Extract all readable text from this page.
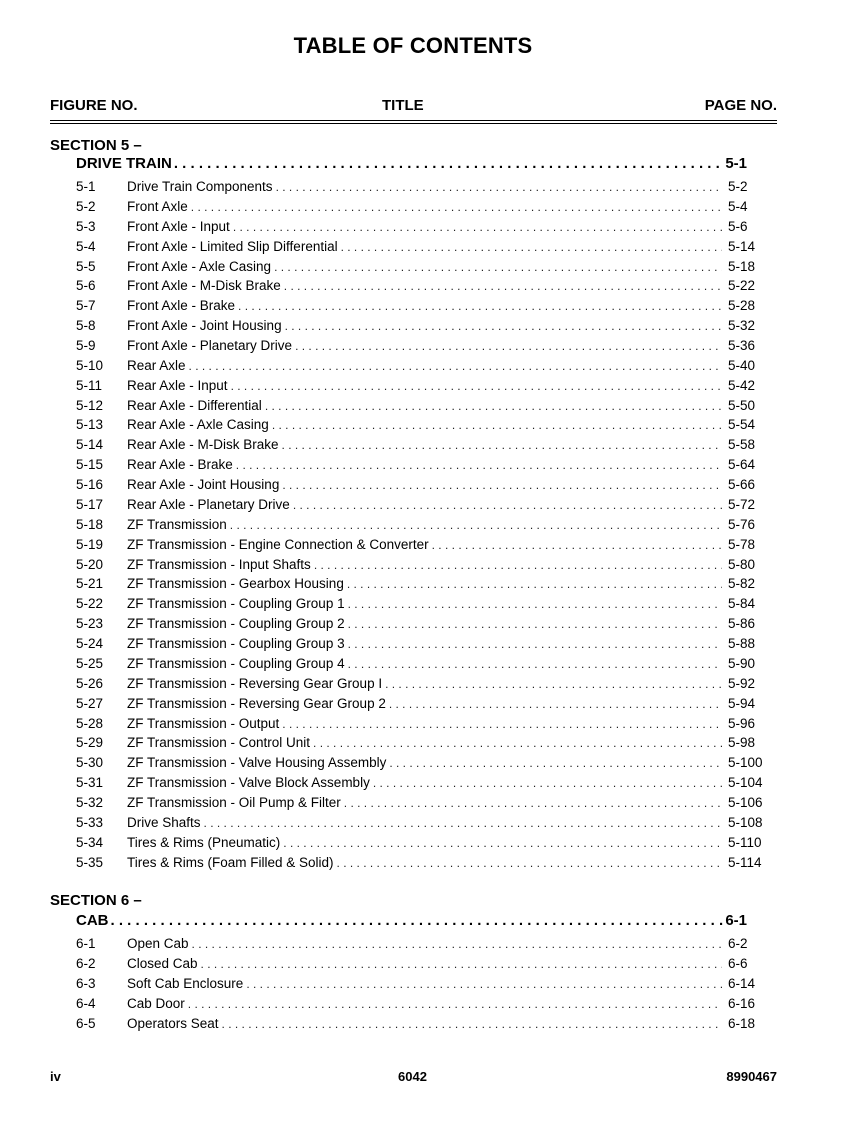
TABLE OF CONTENTS
FIGURE NO.	TITLE	PAGE NO.
SECTION 5 –
DRIVE TRAIN . . .	5-1
5-1 Drive Train Components . . .	5-2
5-2 Front Axle . . .	5-4
5-3 Front Axle - Input . . .	5-6
5-4 Front Axle - Limited Slip Differential . . .	5-14
5-5 Front Axle - Axle Casing . . .	5-18
5-6 Front Axle - M-Disk Brake . . .	5-22
5-7 Front Axle - Brake . . .	5-28
5-8 Front Axle - Joint Housing . . .	5-32
5-9 Front Axle - Planetary Drive . . .	5-36
5-10 Rear Axle . . .	5-40
5-11 Rear Axle - Input . . .	5-42
5-12 Rear Axle - Differential . . .	5-50
5-13 Rear Axle - Axle Casing . . .	5-54
5-14 Rear Axle - M-Disk Brake . . .	5-58
5-15 Rear Axle - Brake . . .	5-64
5-16 Rear Axle - Joint Housing . . .	5-66
5-17 Rear Axle - Planetary Drive . . .	5-72
5-18 ZF Transmission . . .	5-76
5-19 ZF Transmission - Engine Connection & Converter . . .	5-78
5-20 ZF Transmission - Input Shafts . . .	5-80
5-21 ZF Transmission - Gearbox Housing . . .	5-82
5-22 ZF Transmission - Coupling Group 1 . . .	5-84
5-23 ZF Transmission - Coupling Group 2 . . .	5-86
5-24 ZF Transmission - Coupling Group 3 . . .	5-88
5-25 ZF Transmission - Coupling Group 4 . . .	5-90
5-26 ZF Transmission - Reversing Gear Group I . . .	5-92
5-27 ZF Transmission - Reversing Gear Group 2 . . .	5-94
5-28 ZF Transmission - Output . . .	5-96
5-29 ZF Transmission - Control Unit . . .	5-98
5-30 ZF Transmission - Valve Housing Assembly . . .	5-100
5-31 ZF Transmission - Valve Block Assembly . . .	5-104
5-32 ZF Transmission - Oil Pump & Filter . . .	5-106
5-33 Drive Shafts . . .	5-108
5-34 Tires & Rims (Pneumatic) . . .	5-110
5-35 Tires & Rims (Foam Filled & Solid) . . .	5-114
SECTION 6 –
CAB . . .	6-1
6-1 Open Cab . . .	6-2
6-2 Closed Cab . . .	6-6
6-3 Soft Cab Enclosure . . .	6-14
6-4 Cab Door . . .	6-16
6-5 Operators Seat . . .	6-18
iv	6042	8990467
